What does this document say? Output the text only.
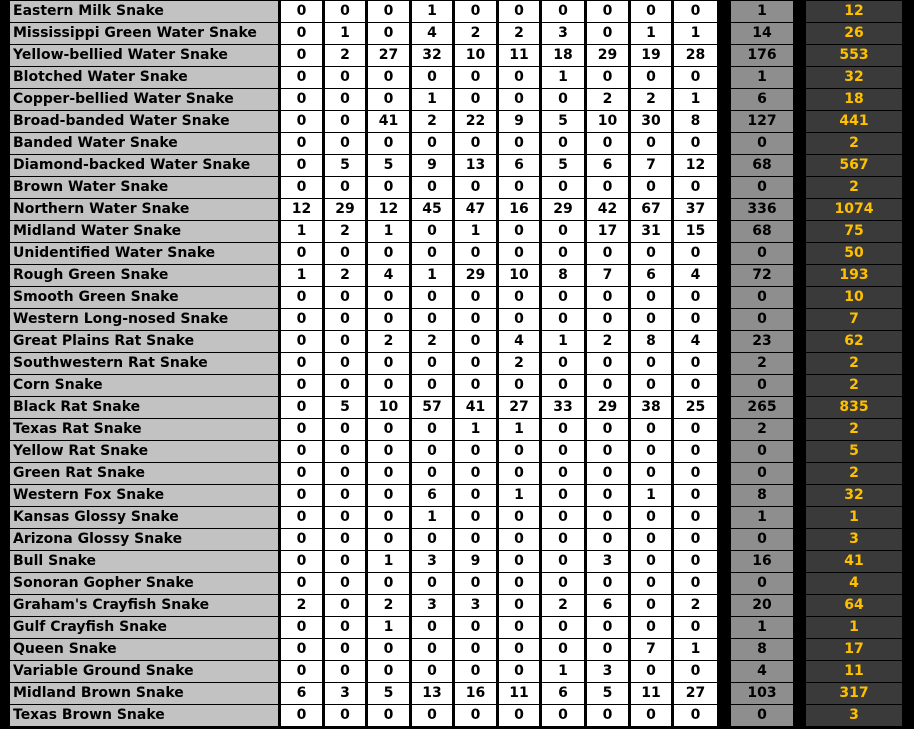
Eastern Milk Snake	0	0	0	1	0	0	0	0	0	0	1	12
Mississippi Green Water Snake	0	1	0	4	2	2	3	0	1	1	14	26
Yellow-bellied Water Snake	0	2	27	32	10	11	18	29	19	28	176	553
Blotched Water Snake	0	0	0	0	0	0	1	0	0	0	1	32
Copper-bellied Water Snake	0	0	0	1	0	0	0	2	2	1	6	18
Broad-banded Water Snake	0	0	41	2	22	9	5	10	30	8	127	441
Banded Water Snake	0	0	0	0	0	0	0	0	0	0	0	2
Diamond-backed Water Snake	0	5	5	9	13	6	5	6	7	12	68	567
Brown Water Snake	0	0	0	0	0	0	0	0	0	0	0	2
Northern Water Snake	12	29	12	45	47	16	29	42	67	37	336	1074
Midland Water Snake	1	2	1	0	1	0	0	17	31	15	68	75
Unidentified Water Snake	0	0	0	0	0	0	0	0	0	0	0	50
Rough Green Snake	1	2	4	1	29	10	8	7	6	4	72	193
Smooth Green Snake	0	0	0	0	0	0	0	0	0	0	0	10
Western Long-nosed Snake	0	0	0	0	0	0	0	0	0	0	0	7
Great Plains Rat Snake	0	0	2	2	0	4	1	2	8	4	23	62
Southwestern Rat Snake	0	0	0	0	0	2	0	0	0	0	2	2
Corn Snake	0	0	0	0	0	0	0	0	0	0	0	2
Black Rat Snake	0	5	10	57	41	27	33	29	38	25	265	835
Texas Rat Snake	0	0	0	0	1	1	0	0	0	0	2	2
Yellow Rat Snake	0	0	0	0	0	0	0	0	0	0	0	5
Green Rat Snake	0	0	0	0	0	0	0	0	0	0	0	2
Western Fox Snake	0	0	0	6	0	1	0	0	1	0	8	32
Kansas Glossy Snake	0	0	0	1	0	0	0	0	0	0	1	1
Arizona Glossy Snake	0	0	0	0	0	0	0	0	0	0	0	3
Bull Snake	0	0	1	3	9	0	0	3	0	0	16	41
Sonoran Gopher Snake	0	0	0	0	0	0	0	0	0	0	0	4
Graham's Crayfish Snake	2	0	2	3	3	0	2	6	0	2	20	64
Gulf Crayfish Snake	0	0	1	0	0	0	0	0	0	0	1	1
Queen Snake	0	0	0	0	0	0	0	0	7	1	8	17
Variable Ground Snake	0	0	0	0	0	0	1	3	0	0	4	11
Midland Brown Snake	6	3	5	13	16	11	6	5	11	27	103	317
Texas Brown Snake	0	0	0	0	0	0	0	0	0	0	0	3
